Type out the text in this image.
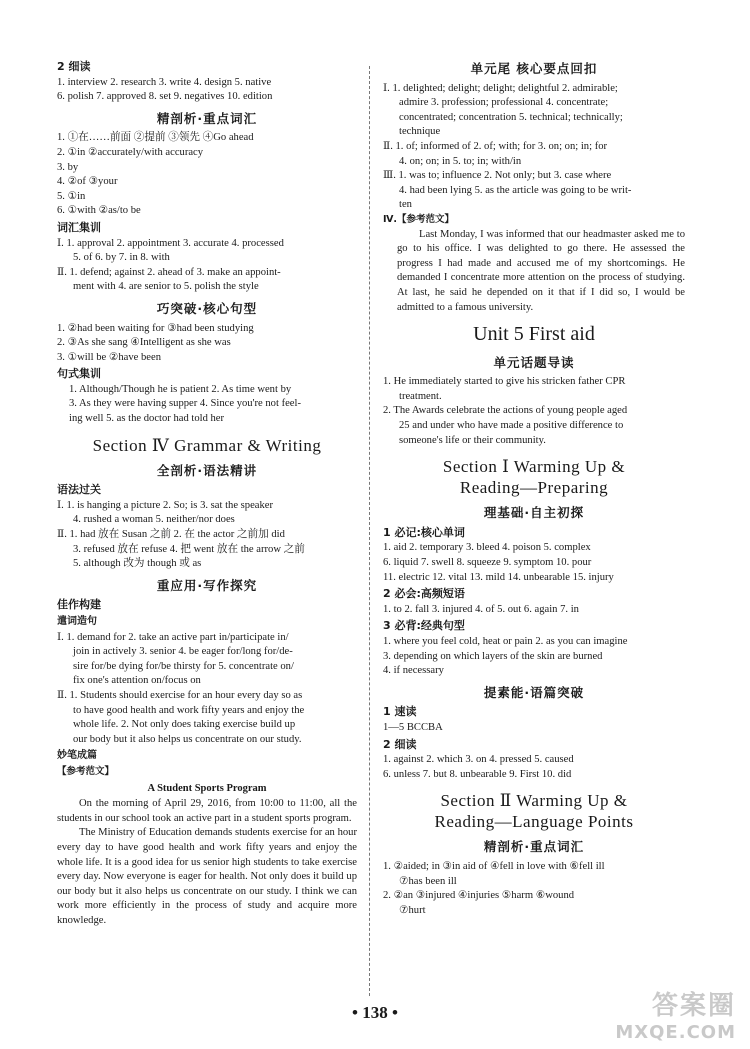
2 细读
1. interview 2. research 3. write 4. design 5. native
6. polish 7. approved 8. set 9. negatives 10. edition
精剖析·重点词汇
1. ①在……前面 ②提前 ③领先 ④Go ahead
2. ①in ②accurately/with accuracy
3. by
4. ②of ③your
5. ①in
6. ①with ②as/to be
词汇集训
Ⅰ. 1. approval 2. appointment 3. accurate 4. processed
5. of 6. by 7. in 8. with
Ⅱ. 1. defend; against 2. ahead of 3. make an appoint-
ment with 4. are senior to 5. polish the style
巧突破·核心句型
1. ②had been waiting for ③had been studying
2. ③As she sang ④Intelligent as she was
3. ①will be ②have been
句式集训
1. Although/Though he is patient 2. As time went by
3. As they were having supper 4. Since you're not feel-
ing well 5. as the doctor had told her
Section Ⅳ Grammar & Writing
全剖析·语法精讲
语法过关
Ⅰ. 1. is hanging a picture 2. So; is 3. sat the speaker
4. rushed a woman 5. neither/nor does
Ⅱ. 1. had 放在 Susan 之前 2. 在 the actor 之前加 did
3. refused 放在 refuse 4. 把 went 放在 the arrow 之前
5. although 改为 though 或 as
重应用·写作探究
佳作构建
遣词造句
Ⅰ. 1. demand for 2. take an active part in/participate in/
join in actively 3. senior 4. be eager for/long for/de-
sire for/be dying for/be thirsty for 5. concentrate on/
fix one's attention on/focus on
Ⅱ. 1. Students should exercise for an hour every day so as
to have good health and work fifty years and enjoy the
whole life. 2. Not only does taking exercise build up
our body but it also helps us concentrate on our study.
妙笔成篇
【参考范文】
A Student Sports Program
On the morning of April 29, 2016, from 10:00 to 11:00, all the students in our school took an active part in a student sports program.
The Ministry of Education demands students exercise for an hour every day to have good health and work fifty years and enjoy the whole life. It is a good idea for us senior high students to take exercise every day. Now everyone is eager for health. Not only does it build up our body but it also helps us concentrate on our study. I think we can work more efficiently in the process of study and acquire more knowledge.
单元尾 核心要点回扣
Ⅰ. 1. delighted; delight; delight; delightful 2. admirable;
admire 3. profession; professional 4. concentrate;
concentrated; concentration 5. technical; technically;
technique
Ⅱ. 1. of; informed of 2. of; with; for 3. on; on; in; for
4. on; on; in 5. to; in; with/in
Ⅲ. 1. was to; influence 2. Not only; but 3. case where
4. had been lying 5. as the article was going to be writ-
ten
Ⅳ.【参考范文】
Last Monday, I was informed that our headmaster asked me to go to his office. I was delighted to go there. He assessed the progress I had made and accused me of my shortcomings. He demanded I concentrate more attention on the process of studying. At last, he said he depended on it that if I did so, I would be admitted to a famous university.
Unit 5 First aid
单元话题导读
1. He immediately started to give his stricken father CPR
treatment.
2. The Awards celebrate the actions of young people aged
25 and under who have made a positive difference to
someone's life or their community.
Section Ⅰ Warming Up &
Reading—Preparing
理基础·自主初探
1 必记:核心单词
1. aid 2. temporary 3. bleed 4. poison 5. complex
6. liquid 7. swell 8. squeeze 9. symptom 10. pour
11. electric 12. vital 13. mild 14. unbearable 15. injury
2 必会:高频短语
1. to 2. fall 3. injured 4. of 5. out 6. again 7. in
3 必背:经典句型
1. where you feel cold, heat or pain 2. as you can imagine
3. depending on which layers of the skin are burned
4. if necessary
提素能·语篇突破
1 速读
1—5 BCCBA
2 细读
1. against 2. which 3. on 4. pressed 5. caused
6. unless 7. but 8. unbearable 9. First 10. did
Section Ⅱ Warming Up &
Reading—Language Points
精剖析·重点词汇
1. ②aided; in ③in aid of ④fell in love with ⑥fell ill
⑦has been ill
2. ②an ③injured ④injuries ⑤harm ⑥wound
⑦hurt
• 138 •	答案圈
MXQE.COM
